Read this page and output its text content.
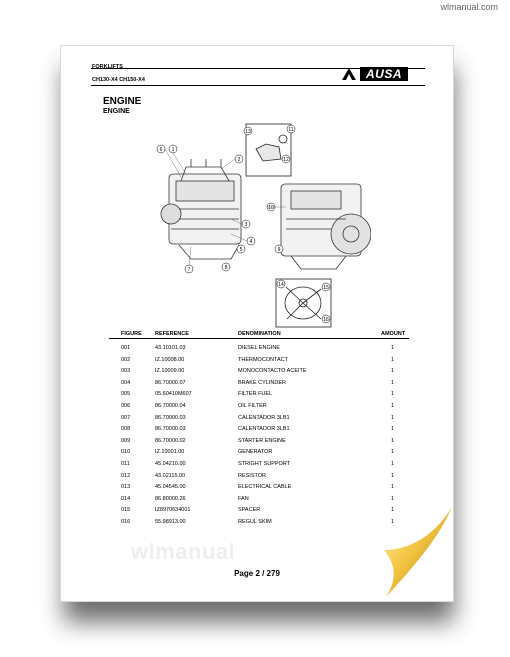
FORKLIFTS
CH130-X4 CH150-X4	AUSA
ENGINE
ENGINE
6 1
2
13
12
10
9
3
4
5
8
7
14	15
11
16
FIGURE REFERENCE	DENOMINATION	AMOUNT
001	43.10101.03	DIESEL ENGINE	1
002	IZ.10008.00	THERMOCONTACT	1
003	IZ.10009.00	MONOCONTACTO ACEITE	1
004	86.70000.07	BRAKE CYLINDER	1
005	05.60410M607	FILTER FUEL	1
006	86.70000.04	OIL FILTER	1
007	86.70000.03	CALENTADOR 3LB1	1
008	86.70000.03	CALENTADOR 3LB1	1
009	86.70000.02	STARTER ENGINE	1
010	IZ.10001.00	GENERATOR	1
011	45.04210.00	STRIGHT SUPPORT	1
012	43.02115.00	RESISTOR	1
013	45.04545.00	ELECTRICAL CABLE	1
014	86.80000.26	FAN	1
015	IZ8970634001	SPACER	1
016	55.98913.00	REGUL SKIM	1
wlmanual
Page 2 / 279
wlmanual.com
